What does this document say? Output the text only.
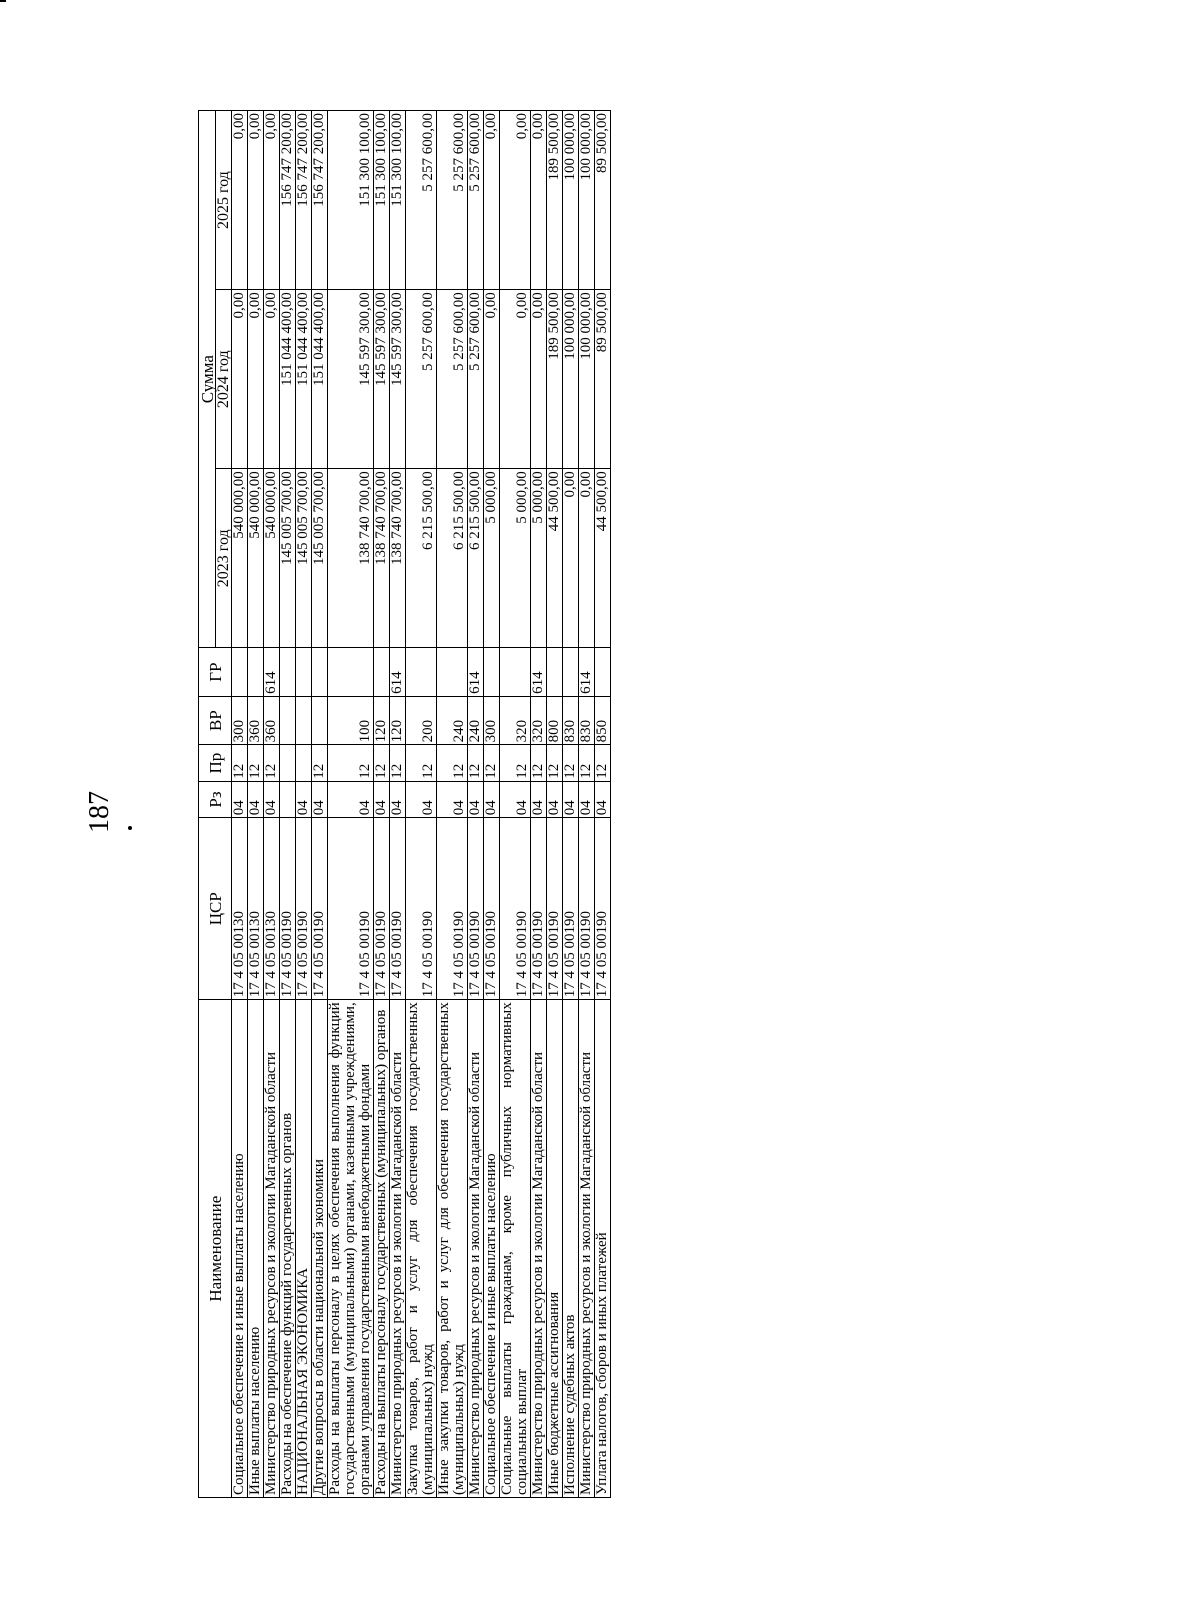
187
Наименование	ЦСР	Рз	Пр	ВР	ГР	Сумма		
						2023 год	2024 год	2025 год
Социальное обеспечение и иные выплаты населению	17 4 05 00130	04	12	300		540 000,00	0,00	0,00
Иные выплаты населению	17 4 05 00130	04	12	360		540 000,00	0,00	0,00
Министерство природных ресурсов и экологии Магаданской области	17 4 05 00130	04	12	360	614	540 000,00	0,00	0,00
Расходы на обеспечение функций государственных органов	17 4 05 00190					145 005 700,00	151 044 400,00	156 747 200,00
НАЦИОНАЛЬНАЯ ЭКОНОМИКА	17 4 05 00190	04				145 005 700,00	151 044 400,00	156 747 200,00
Другие вопросы в области национальной экономики	17 4 05 00190	04	12			145 005 700,00	151 044 400,00	156 747 200,00
Расходы на выплаты персоналу в целях обеспечения выполнения функций государственными (муниципальными) органами, казенными учреждениями, органами управления государственными внебюджетными фондами	17 4 05 00190	04	12	100		138 740 700,00	145 597 300,00	151 300 100,00
Расходы на выплаты персоналу государственных (муниципальных) органов	17 4 05 00190	04	12	120		138 740 700,00	145 597 300,00	151 300 100,00
Министерство природных ресурсов и экологии Магаданской области	17 4 05 00190	04	12	120	614	138 740 700,00	145 597 300,00	151 300 100,00
Закупка товаров, работ и услуг для обеспечения государственных (муниципальных) нужд	17 4 05 00190	04	12	200		6 215 500,00	5 257 600,00	5 257 600,00
Иные закупки товаров, работ и услуг для обеспечения государственных (муниципальных) нужд	17 4 05 00190	04	12	240		6 215 500,00	5 257 600,00	5 257 600,00
Министерство природных ресурсов и экологии Магаданской области	17 4 05 00190	04	12	240	614	6 215 500,00	5 257 600,00	5 257 600,00
Социальное обеспечение и иные выплаты населению	17 4 05 00190	04	12	300		5 000,00	0,00	0,00
Социальные выплаты гражданам, кроме публичных нормативных социальных выплат	17 4 05 00190	04	12	320		5 000,00	0,00	0,00
Министерство природных ресурсов и экологии Магаданской области	17 4 05 00190	04	12	320	614	5 000,00	0,00	0,00
Иные бюджетные ассигнования	17 4 05 00190	04	12	800		44 500,00	189 500,00	189 500,00
Исполнение судебных актов	17 4 05 00190	04	12	830		0,00	100 000,00	100 000,00
Министерство природных ресурсов и экологии Магаданской области	17 4 05 00190	04	12	830	614	0,00	100 000,00	100 000,00
Уплата налогов, сборов и иных платежей	17 4 05 00190	04	12	850		44 500,00	89 500,00	89 500,00
